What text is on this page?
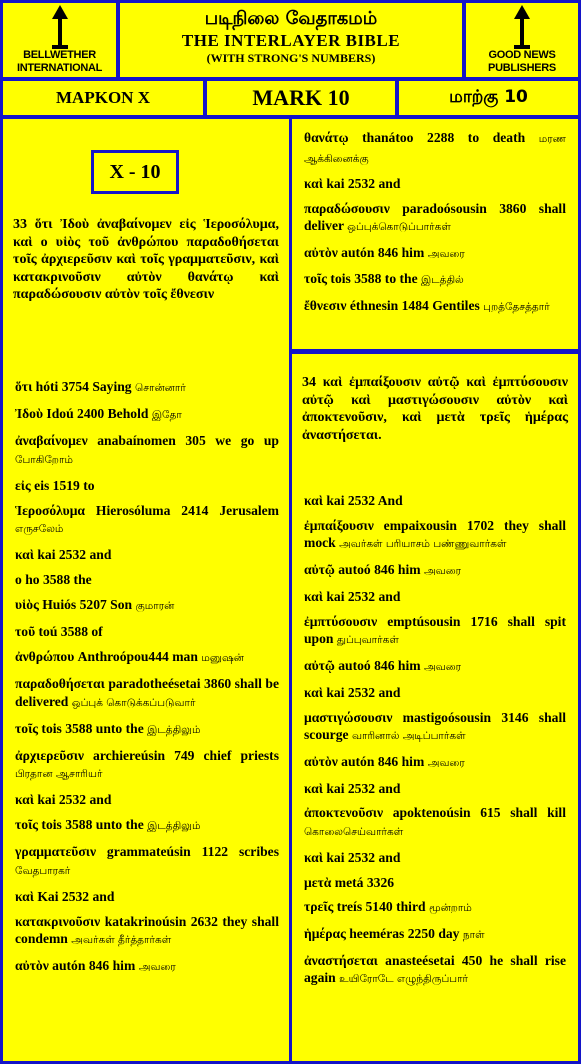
BELLWETHER INTERNATIONAL
படிநிலை வேதாகமம்
THE INTERLAYER BIBLE
(WITH STRONG'S NUMBERS)	GOOD NEWS PUBLISHERS
MAPKON X	MARK 10	மாற்கு 10
X - 10
33 ὅτι Ἰδοὺ ἀναβαίνομεν εἰς Ἱεροσόλυμα, καὶ ο υἱὸς τοῦ ἀνθρώπου παραδοθήσεται τοῖς ἀρχιερεῦσιν καὶ τοῖς γραμματεῦσιν, καὶ κατακρινοῦσιν αὐτὸν θανάτῳ καὶ παραδώσουσιν αὐτὸν τοῖς ἔθνεσιν
ὅτι hóti 3754 Saying சொன்னார்
Ἰδοὺ Idoú 2400 Behold இதோ
ἀναβαίνομεν anabaínomen 305 we go up போகிறோம்
εἰς eis 1519 to
Ἱεροσόλυμα Hierosóluma 2414 Jerusalem எருசலேம்
καὶ kai 2532 and
ο ho 3588 the
υἱὸς Huiós 5207 Son குமாரன்
τοῦ toú 3588 of
ἀνθρώπου Anthroópou444 man மனுஷன்
παραδοθήσεται paradotheésetai 3860 shall be delivered ஒப்புக் கொடுக்கப்படுவார்
τοῖς tois 3588 unto the இடத்திலும்
ἀρχιερεῦσιν archiereúsin 749 chief priests பிரதான ஆசாரியர்
καὶ kai 2532 and
τοῖς tois 3588 unto the இடத்திலும்
γραμματεῦσιν grammateúsin 1122 scribes வேதபாரகர்
καὶ Kai 2532 and
κατακρινοῦσιν katakrinoúsin 2632 they shall condemn அவர்கள் தீர்த்தார்கள்
αὐτὸν autón 846 him அவரை
θανάτῳ thanátoo 2288 to death மரண ஆக்கினைக்கு
καὶ kai 2532 and
παραδώσουσιν paradoósousin 3860 shall deliver ஒப்புக்கொடுப்பார்கள்
αὐτὸν autón 846 him அவரை
τοῖς tois 3588 to the இடத்தில்
ἔθνεσιν éthnesin 1484 Gentiles புறத்தேசத்தார்
34 καὶ ἐμπαίξουσιν αὐτῷ καὶ ἐμπτύσουσιν αὐτῷ καὶ μαστιγώσουσιν αὐτὸν καὶ ἀποκτενοῦσιν, καὶ μετὰ τρεῖς ἡμέρας ἀναστήσεται.
καὶ kai 2532 And
ἐμπαίξουσιν empaixousin 1702 they shall mock அவர்கள் பரியாசம் பண்ணுவார்கள்
αὐτῷ autoó 846 him அவரை
καὶ kai 2532 and
ἐμπτύσουσιν emptúsousin 1716 shall spit upon துப்புவார்கள்
αὐτῷ autoó 846 him அவரை
καὶ kai 2532 and
μαστιγώσουσιν mastigoósousin 3146 shall scourge வாரினால் அடிப்பார்கள்
αὐτὸν autón 846 him அவரை
καὶ kai 2532 and
ἀποκτενοῦσιν apoktenoúsin 615 shall kill கொலைசெய்வார்கள்
καὶ kai 2532 and
μετὰ metá 3326
τρεῖς treís 5140 third மூன்றாம்
ἡμέρας heeméras 2250 day நாள்
ἀναστήσεται anasteésetai 450 he shall rise again உயிரோடே எழுந்திருப்பார்
